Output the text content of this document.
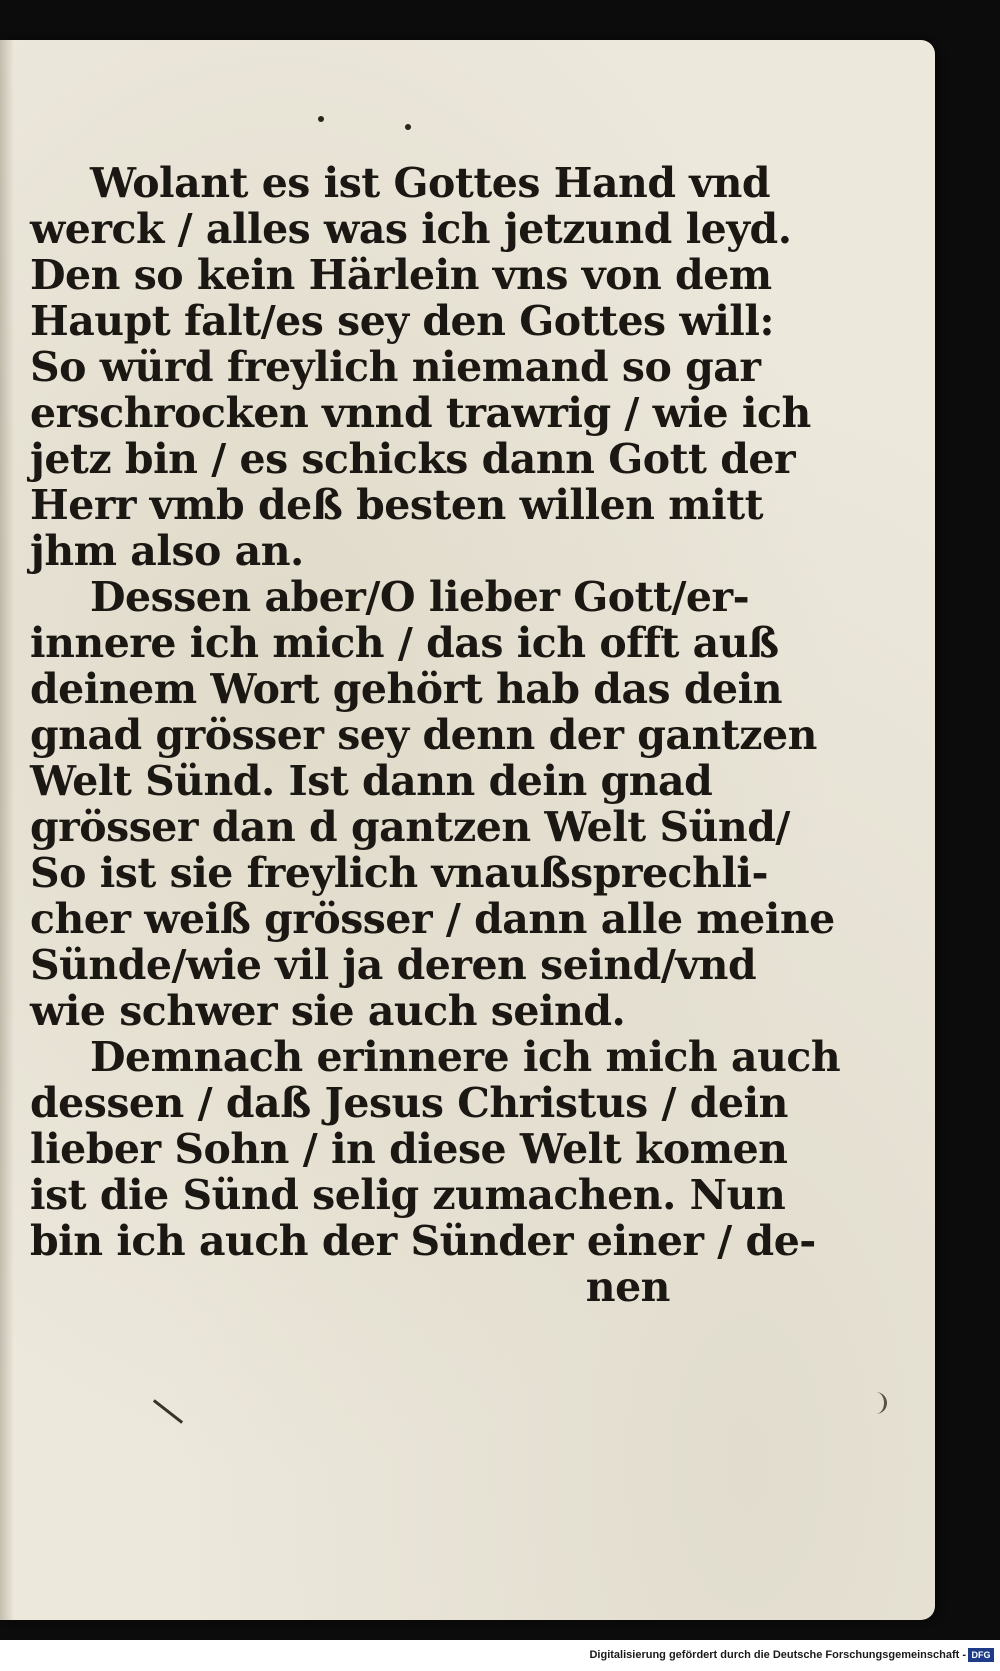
Wolant es ist Gottes Hand vnd
werck / alles was ich jetzund leyd.
Den so kein Härlein vns von dem
Haupt falt/es sey den Gottes will:
So würd freylich niemand so gar
erschrocken vnnd trawrig / wie ich
jetz bin / es schicks dann Gott der
Herr vmb deß besten willen mitt
jhm also an.
Dessen aber/O lieber Gott/er-
innere ich mich / das ich offt auß
deinem Wort gehört hab das dein
gnad grösser sey denn der gantzen
Welt Sünd. Ist dann dein gnad
grösser dan d gantzen Welt Sünd/
So ist sie freylich vnaußsprechli-
cher weiß grösser / dann alle meine
Sünde/wie vil ja deren seind/vnd
wie schwer sie auch seind.
Demnach erinnere ich mich auch
dessen / daß Jesus Christus / dein
lieber Sohn / in diese Welt komen
ist die Sünd selig zumachen. Nun
bin ich auch der Sünder einer / de-
nen
Digitalisierung gefördert durch die Deutsche Forschungsgemeinschaft - DFG
